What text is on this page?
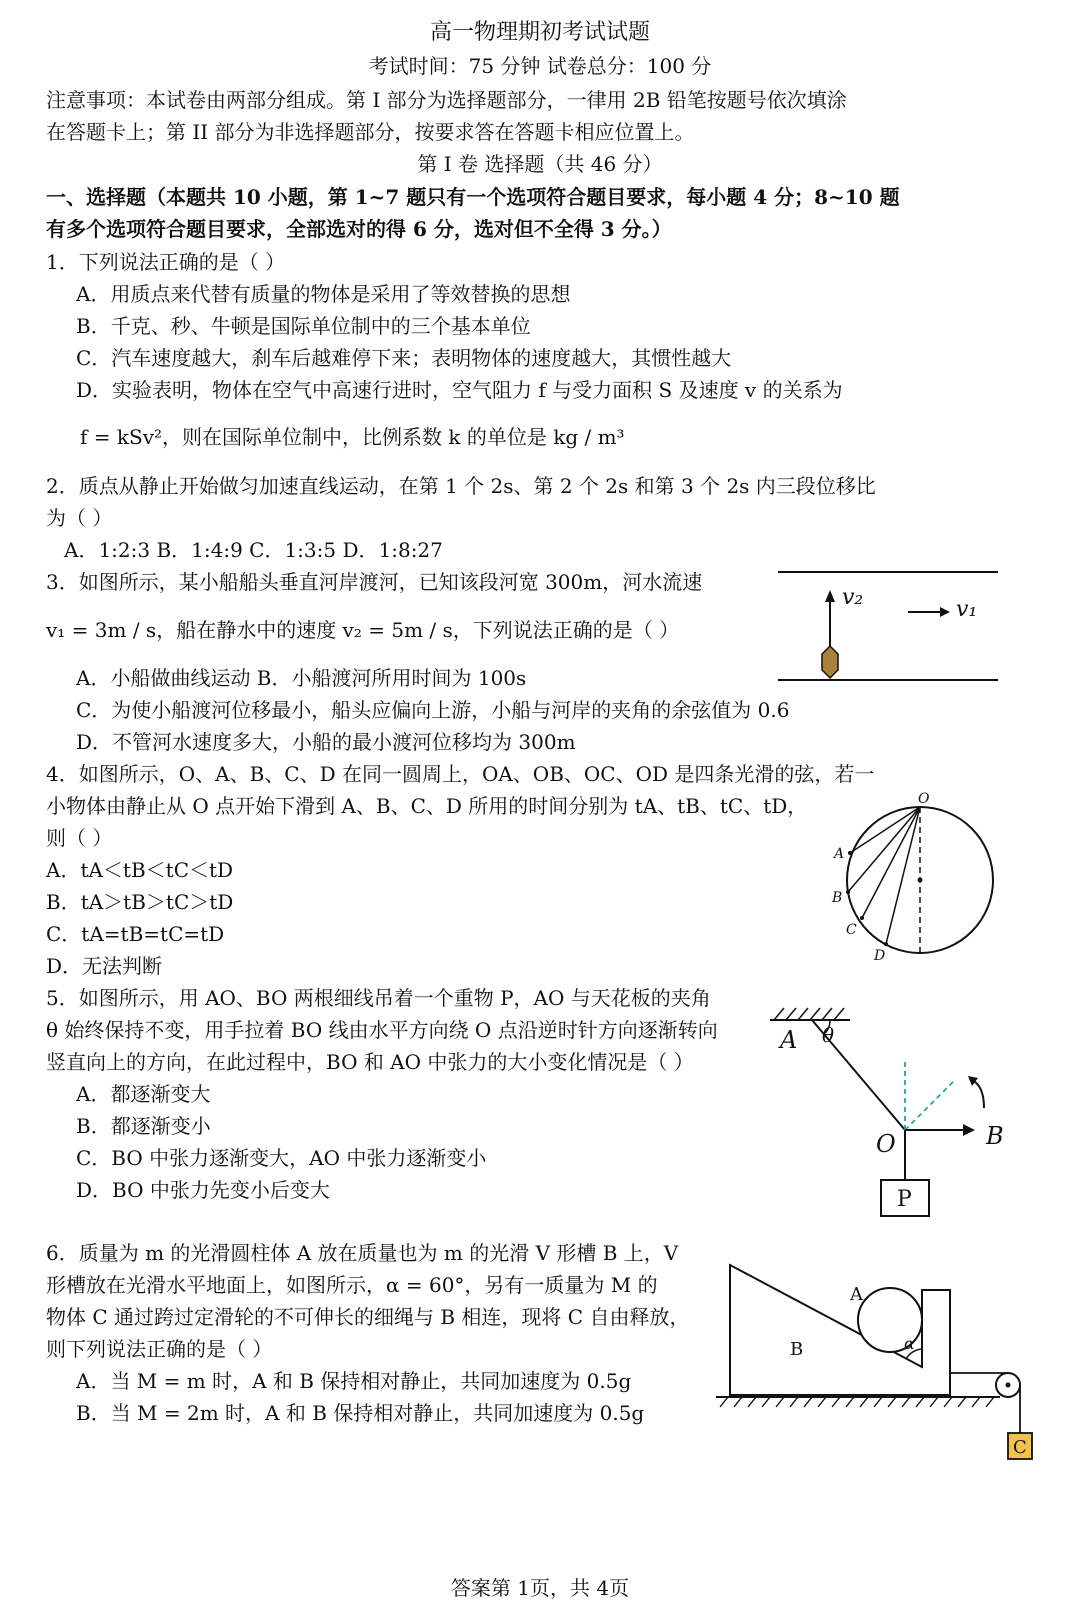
高一物理期初考试试题
考试时间：75 分钟 试卷总分：100 分
注意事项：本试卷由两部分组成。第 I 部分为选择题部分，一律用 2B 铅笔按题号依次填涂
在答题卡上；第 II 部分为非选择题部分，按要求答在答题卡相应位置上。
第 I 卷 选择题（共 46 分）
一、选择题（本题共 10 小题，第 1~7 题只有一个选项符合题目要求，每小题 4 分；8~10 题
有多个选项符合题目要求，全部选对的得 6 分，选对但不全得 3 分。）
1．下列说法正确的是（ ）
A．用质点来代替有质量的物体是采用了等效替换的思想
B．千克、秒、牛顿是国际单位制中的三个基本单位
C．汽车速度越大，刹车后越难停下来；表明物体的速度越大，其惯性越大
D．实验表明，物体在空气中高速行进时，空气阻力 f 与受力面积 S 及速度 v 的关系为
f = kSv²，则在国际单位制中，比例系数 k 的单位是 kg / m³
2．质点从静止开始做匀加速直线运动，在第 1 个 2s、第 2 个 2s 和第 3 个 2s 内三段位移比
为（ ）
A．1:2:3 B．1:4:9 C．1:3:5 D．1:8:27
3．如图所示，某小船船头垂直河岸渡河，已知该段河宽 300m，河水流速
v₁ = 3m / s，船在静水中的速度 v₂ = 5m / s，下列说法正确的是（ ）
A．小船做曲线运动 B．小船渡河所用时间为 100s
C．为使小船渡河位移最小，船头应偏向上游，小船与河岸的夹角的余弦值为 0.6
D．不管河水速度多大，小船的最小渡河位移均为 300m
v₂	v₁
4．如图所示，O、A、B、C、D 在同一圆周上，OA、OB、OC、OD 是四条光滑的弦，若一
小物体由静止从 O 点开始下滑到 A、B、C、D 所用的时间分别为 tA、tB、tC、tD，
则（ ）
A．tA＜tB＜tC＜tD
B．tA＞tB＞tC＞tD
C．tA=tB=tC=tD
D．无法判断
O
A
B
C
D
5．如图所示，用 AO、BO 两根细线吊着一个重物 P，AO 与天花板的夹角
θ 始终保持不变，用手拉着 BO 线由水平方向绕 O 点沿逆时针方向逐渐转向
竖直向上的方向，在此过程中，BO 和 AO 中张力的大小变化情况是（ ）
A．都逐渐变大
B．都逐渐变小
C．BO 中张力逐渐变大，AO 中张力逐渐变小
D．BO 中张力先变小后变大
A θ
B
O
P
6．质量为 m 的光滑圆柱体 A 放在质量也为 m 的光滑 V 形槽 B 上，V
形槽放在光滑水平地面上，如图所示，α = 60°，另有一质量为 M 的
物体 C 通过跨过定滑轮的不可伸长的细绳与 B 相连，现将 C 自由释放，
则下列说法正确的是（ ）
A．当 M = m 时，A 和 B 保持相对静止，共同加速度为 0.5g
B．当 M = 2m 时，A 和 B 保持相对静止，共同加速度为 0.5g
A
B	α
C
答案第 1页，共 4页
